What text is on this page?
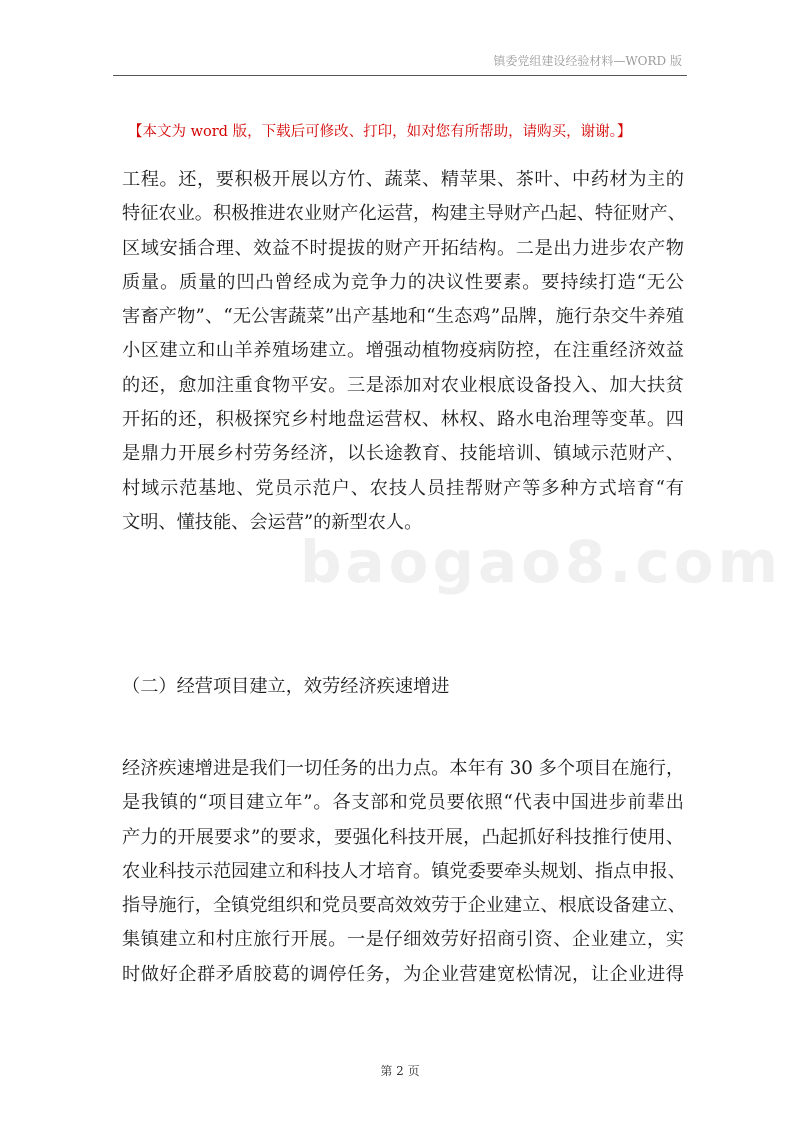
镇委党组建设经验材料—WORD 版
【本文为 word 版，下载后可修改、打印，如对您有所帮助，请购买，谢谢。】
工程。还，要积极开展以方竹、蔬菜、精苹果、茶叶、中药材为主的
特征农业。积极推进农业财产化运营，构建主导财产凸起、特征财产、
区域安插合理、效益不时提拔的财产开拓结构。二是出力进步农产物
质量。质量的凹凸曾经成为竞争力的决议性要素。要持续打造“无公
害畜产物”、“无公害蔬菜”出产基地和“生态鸡”品牌，施行杂交牛养殖
小区建立和山羊养殖场建立。增强动植物疫病防控，在注重经济效益
的还，愈加注重食物平安。三是添加对农业根底设备投入、加大扶贫
开拓的还，积极探究乡村地盘运营权、林权、路水电治理等变革。四
是鼎力开展乡村劳务经济，以长途教育、技能培训、镇域示范财产、
村域示范基地、党员示范户、农技人员挂帮财产等多种方式培育“有
文明、懂技能、会运营”的新型农人。
baogao8.com
（二）经营项目建立，效劳经济疾速增进
经济疾速增进是我们一切任务的出力点。本年有 30 多个项目在施行，
是我镇的“项目建立年”。各支部和党员要依照“代表中国进步前辈出
产力的开展要求”的要求，要强化科技开展，凸起抓好科技推行使用、
农业科技示范园建立和科技人才培育。镇党委要牵头规划、指点申报、
指导施行，全镇党组织和党员要高效效劳于企业建立、根底设备建立、
集镇建立和村庄旅行开展。一是仔细效劳好招商引资、企业建立，实
时做好企群矛盾胶葛的调停任务，为企业营建宽松情况，让企业进得
第 2 页
